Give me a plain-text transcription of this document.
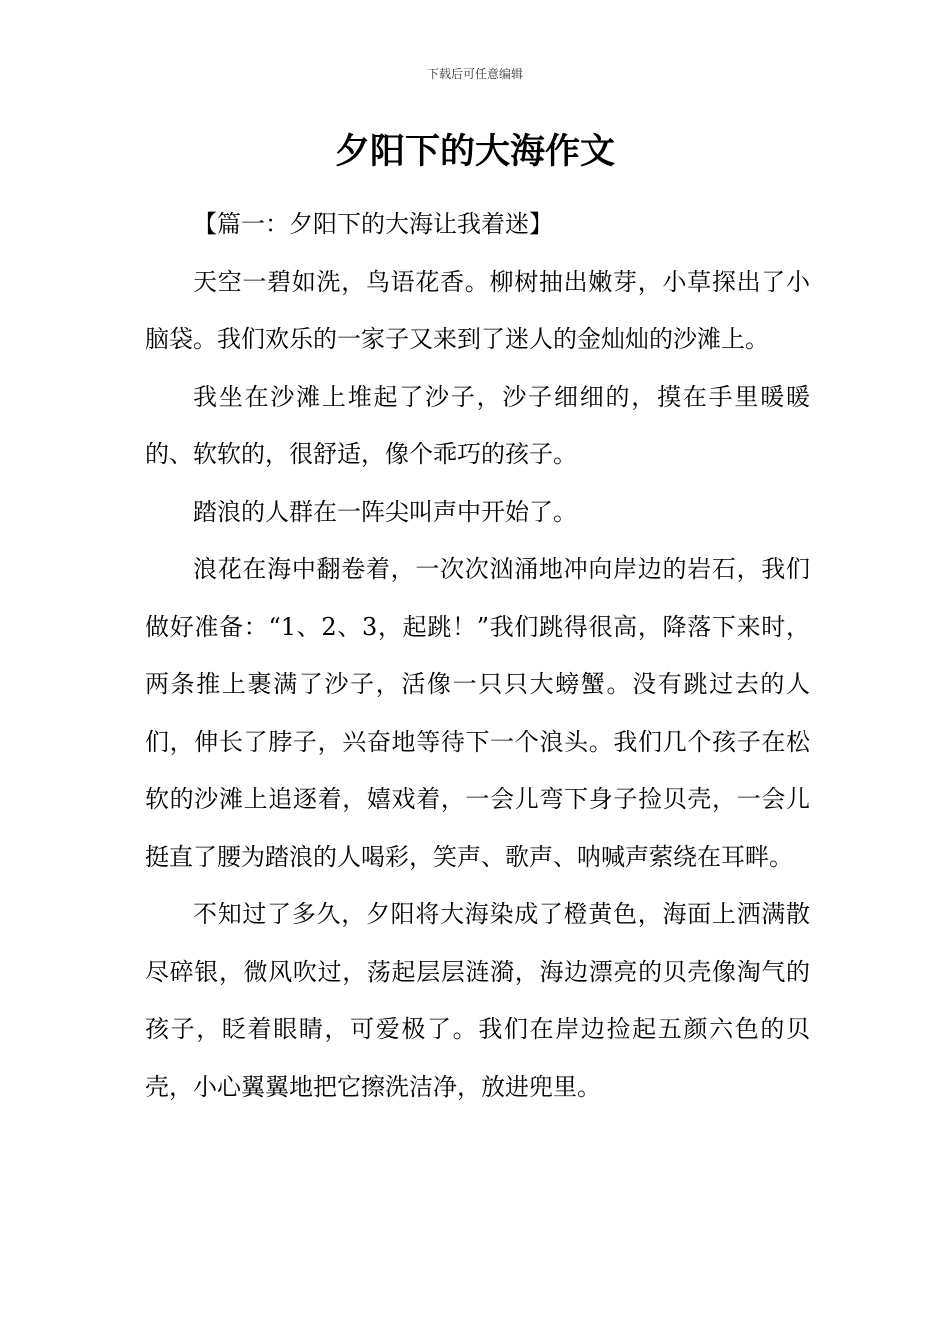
下载后可任意编辑
夕阳下的大海作文

【篇一：夕阳下的大海让我着迷】

天空一碧如洗，鸟语花香。柳树抽出嫩芽，小草探出了小脑袋。我们欢乐的一家子又来到了迷人的金灿灿的沙滩上。

我坐在沙滩上堆起了沙子，沙子细细的，摸在手里暖暖的、软软的，很舒适，像个乖巧的孩子。

踏浪的人群在一阵尖叫声中开始了。

浪花在海中翻卷着，一次次汹涌地冲向岸边的岩石，我们做好准备：“1、2、3，起跳！”我们跳得很高，降落下来时，两条推上裹满了沙子，活像一只只大螃蟹。没有跳过去的人们，伸长了脖子，兴奋地等待下一个浪头。我们几个孩子在松软的沙滩上追逐着，嬉戏着，一会儿弯下身子捡贝壳，一会儿挺直了腰为踏浪的人喝彩，笑声、歌声、呐喊声萦绕在耳畔。

不知过了多久，夕阳将大海染成了橙黄色，海面上洒满散尽碎银，微风吹过，荡起层层涟漪，海边漂亮的贝壳像淘气的孩子，眨着眼睛，可爱极了。我们在岸边捡起五颜六色的贝壳，小心翼翼地把它擦洗洁净，放进兜里。
